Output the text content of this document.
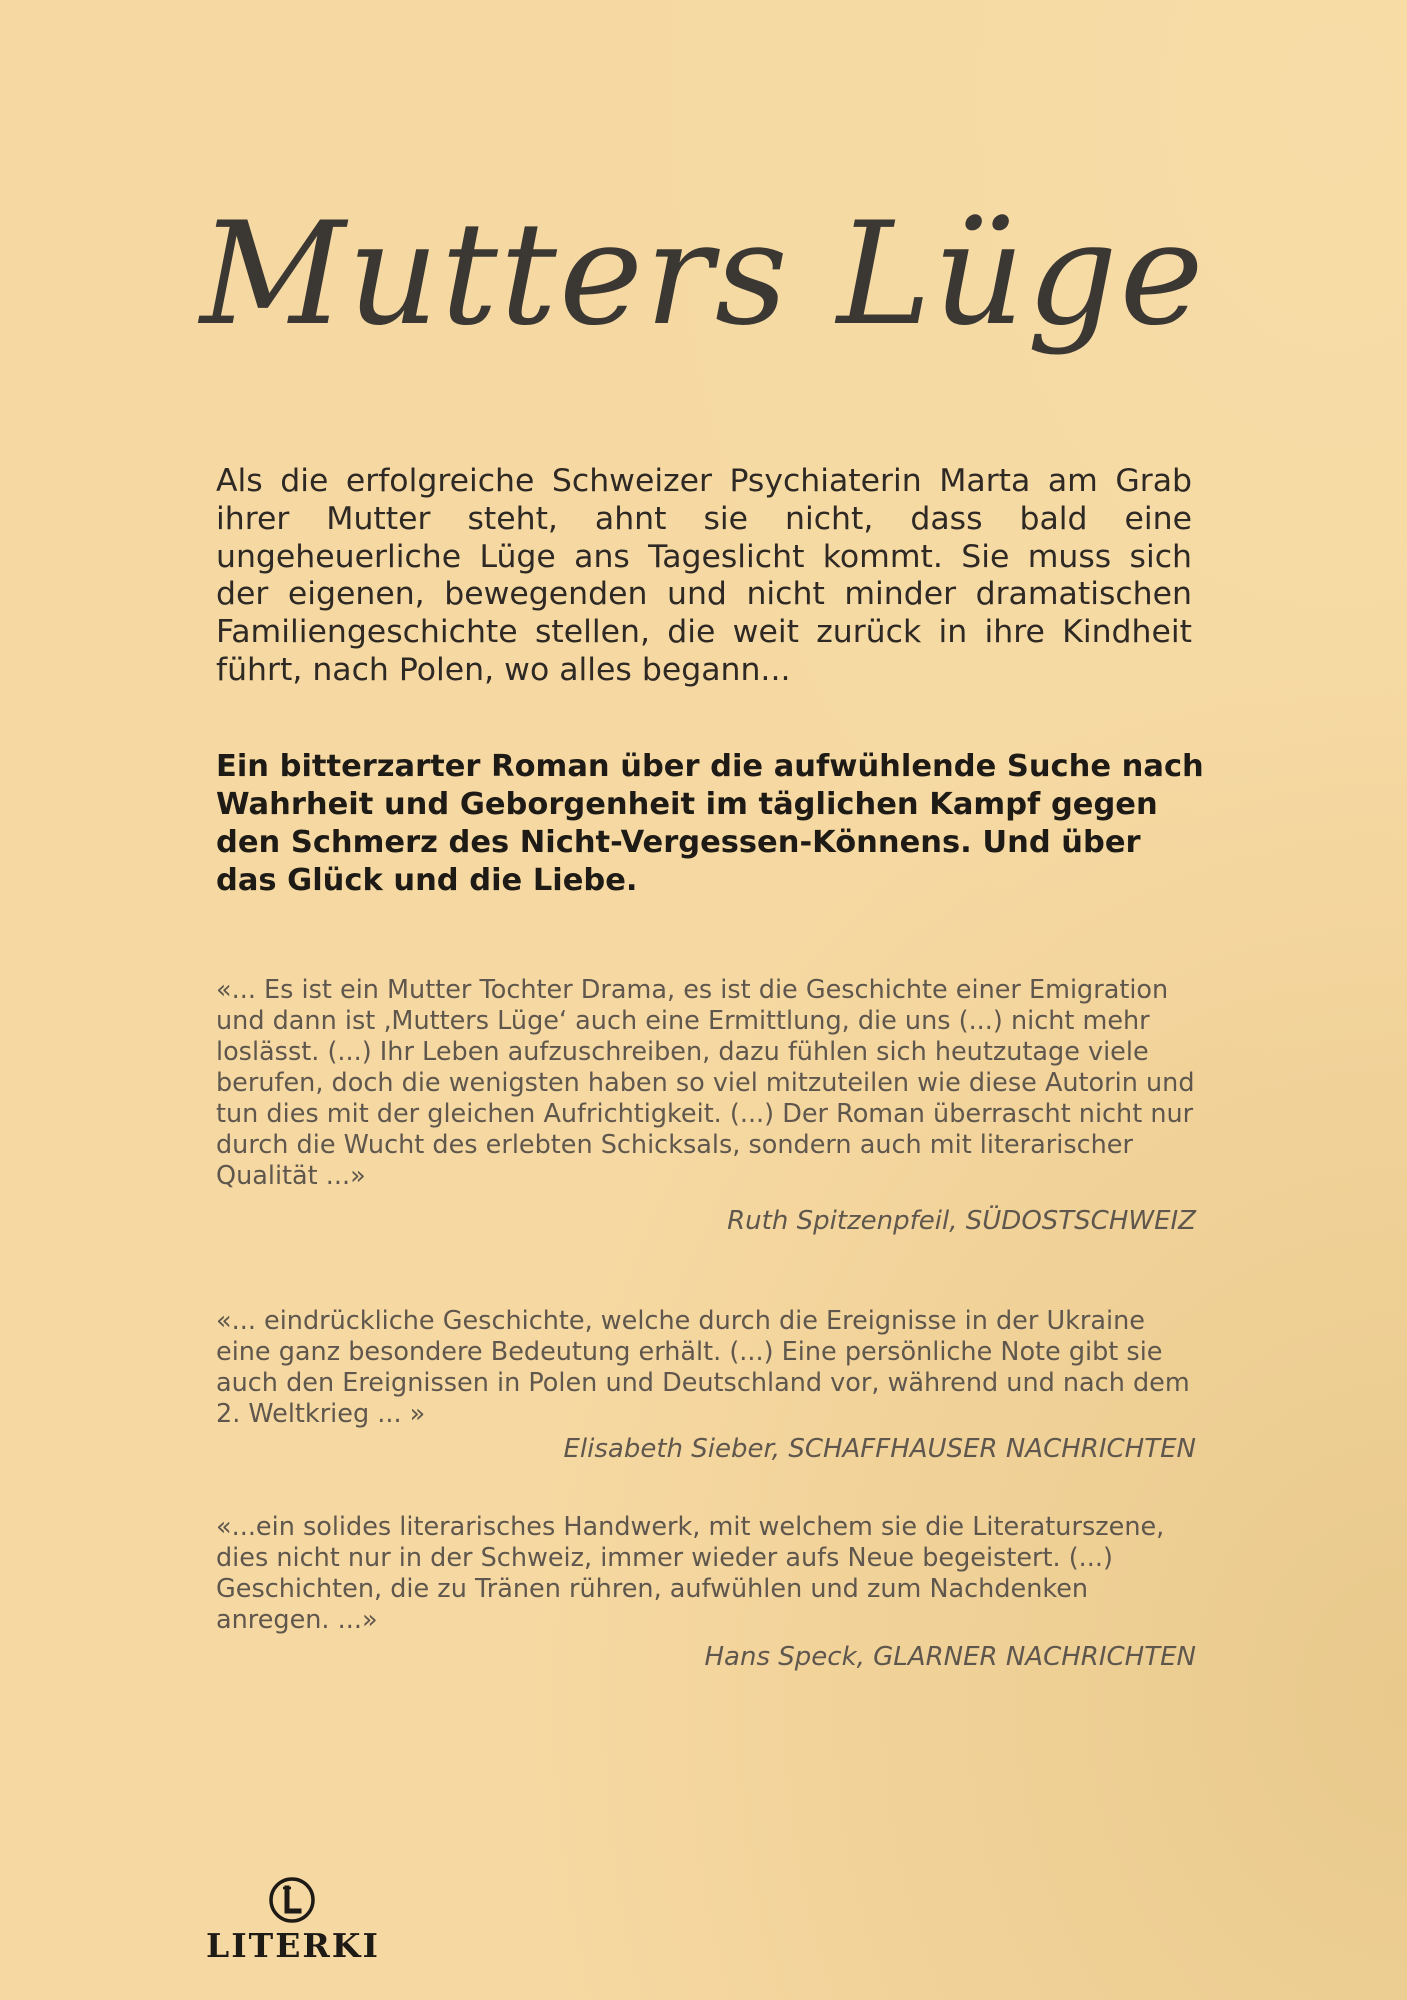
Mutters Lüge

Als die erfolgreiche Schweizer Psychiaterin Marta am Grab ihrer Mutter steht, ahnt sie nicht, dass bald eine ungeheuerliche Lüge ans Tageslicht kommt. Sie muss sich der eigenen, bewegenden und nicht minder dramatischen Familiengeschichte stellen, die weit zurück in ihre Kindheit führt, nach Polen, wo alles begann...

Ein bitterzarter Roman über die aufwühlende Suche nach Wahrheit und Geborgenheit im täglichen Kampf gegen den Schmerz des Nicht-Vergessen-Könnens. Und über das Glück und die Liebe.

«... Es ist ein Mutter Tochter Drama, es ist die Geschichte einer Emigration und dann ist ‚Mutters Lüge‘ auch eine Ermittlung, die uns (...) nicht mehr loslässt. (...) Ihr Leben aufzuschreiben, dazu fühlen sich heutzutage viele berufen, doch die wenigsten haben so viel mitzuteilen wie diese Autorin und tun dies mit der gleichen Aufrichtigkeit. (...) Der Roman überrascht nicht nur durch die Wucht des erlebten Schicksals, sondern auch mit literarischer Qualität ...»

Ruth Spitzenpfeil, SÜDOSTSCHWEIZ

«... eindrückliche Geschichte, welche durch die Ereignisse in der Ukraine eine ganz besondere Bedeutung erhält. (...) Eine persönliche Note gibt sie auch den Ereignissen in Polen und Deutschland vor, während und nach dem 2. Weltkrieg ... »

Elisabeth Sieber, SCHAFFHAUSER NACHRICHTEN

«...ein solides literarisches Handwerk, mit welchem sie die Literaturszene, dies nicht nur in der Schweiz, immer wieder aufs Neue begeistert. (...) Geschichten, die zu Tränen rühren, aufwühlen und zum Nachdenken anregen. ...»

Hans Speck, GLARNER NACHRICHTEN
LITERKI
